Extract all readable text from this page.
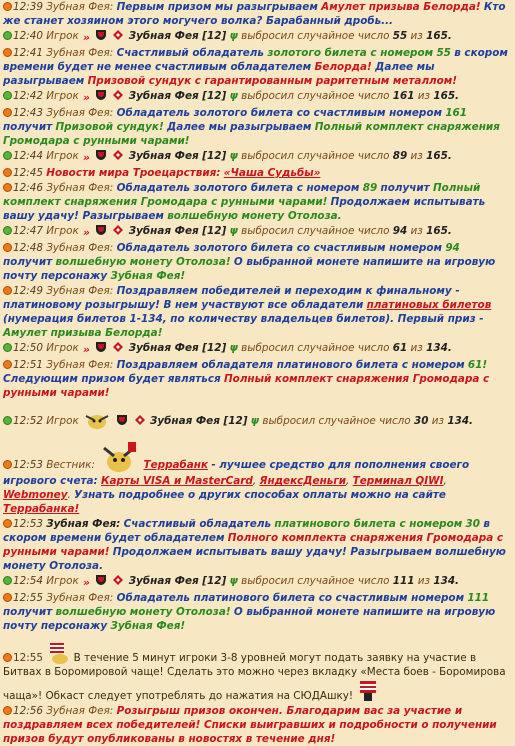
12:39 Зубная Фея: Первым призом мы разыгрываем Амулет призыва Белорда! Кто же станет хозяином этого могучего волка? Барабанный дробь...
12:40 Игрок »	Зубная Фея [12] ψ выбросил случайное число 55 из 165.
12:41 Зубная Фея: Счастливый обладатель золотого билета с номером 55 в скором времени будет не менее счастливым обладателем Белорда! Далее мы разыгрываем Призовой сундук с гарантированным раритетным металлом!
12:42 Игрок »	Зубная Фея [12] ψ выбросил случайное число 161 из 165.
12:43 Зубная Фея: Обладатель золотого билета со счастливым номером 161 получит Призовой сундук! Далее мы разыгрываем Полный комплект снаряжения Громодара с рунными чарами!
12:44 Игрок »	Зубная Фея [12] ψ выбросил случайное число 89 из 165.
12:45 Новости мира Троецарствия: «Чаша Судьбы»
12:46 Зубная Фея: Обладатель золотого билета с номером 89 получит Полный комплект снаряжения Громодара с рунными чарами! Продолжаем испытывать вашу удачу! Разыгрываем волшебную монету Отолоза.
12:47 Игрок »	Зубная Фея [12] ψ выбросил случайное число 94 из 165.
12:48 Зубная Фея: Обладатель золотого билета со счастливым номером 94 получит волшебную монету Отолоза! О выбранной монете напишите на игровую почту персонажу Зубная Фея!
12:49 Зубная Фея: Поздравляем победителей и переходим к финальному - платиновому розыгрышу! В нем участвуют все обладатели платиновых билетов (нумерация билетов 1-134, по количеству владельцев билетов). Первый приз - Амулет призыва Белорда!
12:50 Игрок »	Зубная Фея [12] ψ выбросил случайное число 61 из 134.
12:51 Зубная Фея: Поздравляем обладателя платинового билета с номером 61! Следующим призом будет являться Полный комплект снаряжения Громодара с рунными чарами!
12:52 Игрок	Зубная Фея [12] ψ выбросил случайное число 30 из 134.
12:53 Вестник:	Террабанк - лучшее средство для пополнения своего игрового счета: Карты VISA и MasterCard, ЯндексДеньги, Терминал QIWI, Webmoney. Узнать подробнее о других способах оплаты можно на сайте Террабанка!
12:53 Зубная Фея: Счастливый обладатель платинового билета с номером 30 в скором времени будет обладателем Полного комплекта снаряжения Громодара с рунными чарами! Продолжаем испытывать вашу удачу! Разыгрываем волшебную монету Отолоза.
12:54 Игрок »	Зубная Фея [12] ψ выбросил случайное число 111 из 134.
12:55 Зубная Фея: Обладатель платинового билета со счастливым номером 111 получит волшебную монету Отолоза! О выбранной монете напишите на игровую почту персонажу Зубная Фея!
12:55	В течение 5 минут игроки 3-8 уровней могут подать заявку на участие в Битвах в Боромировой чаще! Сделать это можно через вкладку «Места боев - Боромирова чаща»! Обкаст следует употреблять до нажатия на СЮДАшку!
12:56 Зубная Фея: Розыгрыш призов окончен. Благодарим вас за участие и поздравляем всех победителей! Списки выигравших и подробности о получении призов будут опубликованы в новостях в течение дня!
